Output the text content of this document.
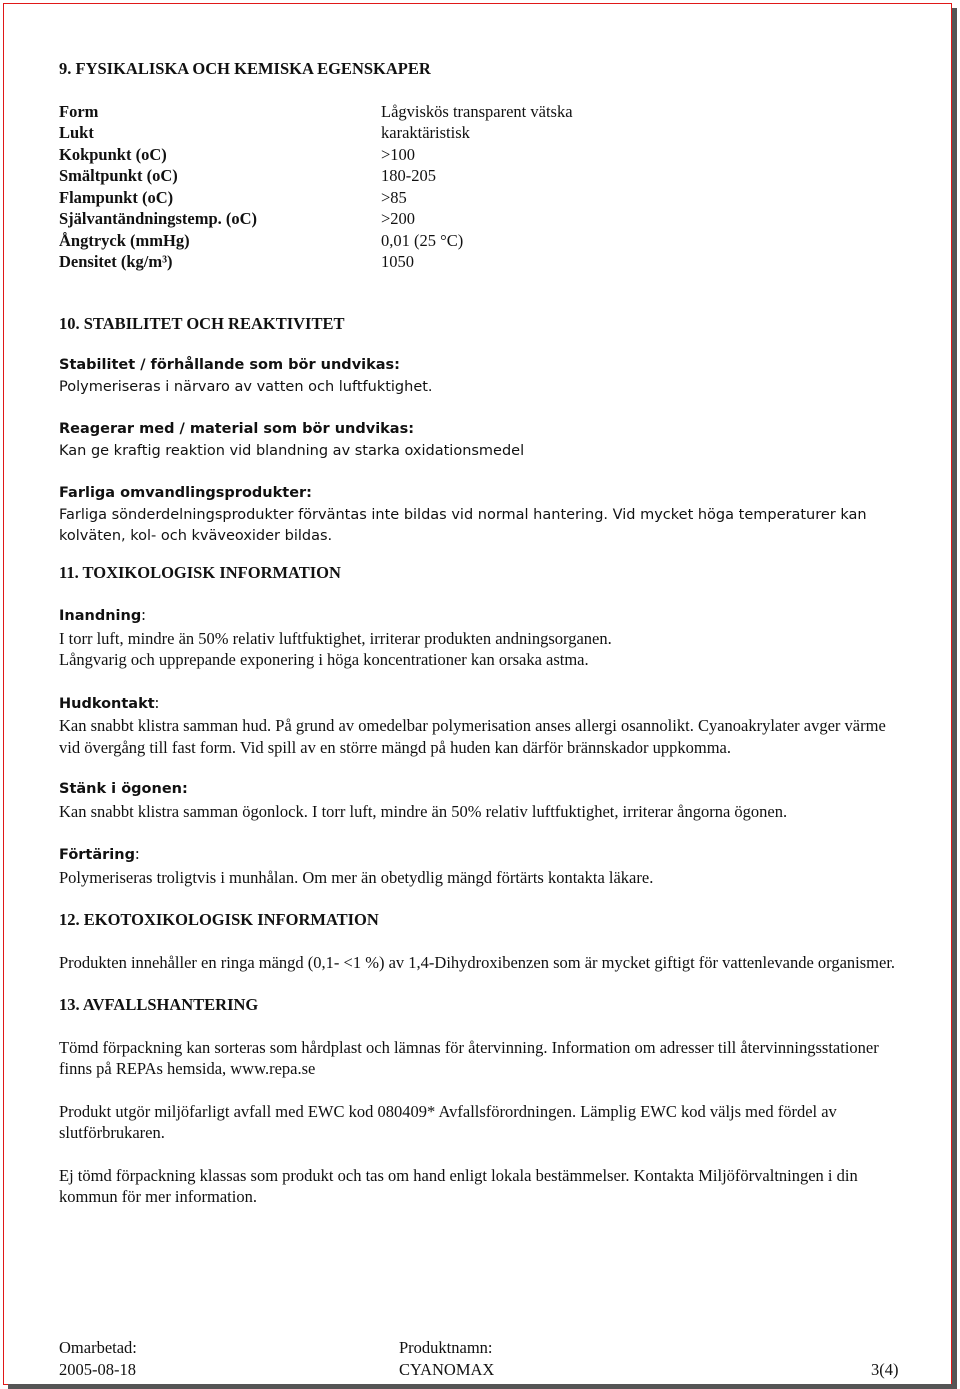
9. FYSIKALISKA OCH KEMISKA EGENSKAPER

Form	Lågviskös transparent vätska
Lukt	karaktäristisk
Kokpunkt (oC)	>100
Smältpunkt (oC)	180-205
Flampunkt (oC)	>85
Självantändningstemp. (oC)	>200
Ångtryck (mmHg)	0,01 (25 °C)
Densitet (kg/m³)	1050

10. STABILITET OCH REAKTIVITET

Stabilitet / förhållande som bör undvikas:

Polymeriseras i närvaro av vatten och luftfuktighet.

Reagerar med / material som bör undvikas:

Kan ge kraftig reaktion vid blandning av starka oxidationsmedel

Farliga omvandlingsprodukter:

Farliga sönderdelningsprodukter förväntas inte bildas vid normal hantering. Vid mycket höga temperaturer kan kolväten, kol- och kväveoxider bildas.

11. TOXIKOLOGISK INFORMATION

Inandning:

I torr luft, mindre än 50% relativ luftfuktighet, irriterar produkten andningsorganen.

Långvarig och upprepande exponering i höga koncentrationer kan orsaka astma.

Hudkontakt:

Kan snabbt klistra samman hud. På grund av omedelbar polymerisation anses allergi osannolikt. Cyanoakrylater avger värme vid övergång till fast form. Vid spill av en större mängd på huden kan därför brännskador uppkomma.

Stänk i ögonen:

Kan snabbt klistra samman ögonlock. I torr luft, mindre än 50% relativ luftfuktighet, irriterar ångorna ögonen.

Förtäring:

Polymeriseras troligtvis i munhålan. Om mer än obetydlig mängd förtärts kontakta läkare.

12. EKOTOXIKOLOGISK INFORMATION

Produkten innehåller en ringa mängd (0,1- <1 %) av 1,4-Dihydroxibenzen som är mycket giftigt för vattenlevande organismer.

13. AVFALLSHANTERING

Tömd förpackning kan sorteras som hårdplast och lämnas för återvinning. Information om adresser till återvinningsstationer finns på REPAs hemsida, www.repa.se

Produkt utgör miljöfarligt avfall med EWC kod 080409* Avfallsförordningen. Lämplig EWC kod väljs med fördel av slutförbrukaren.

Ej tömd förpackning klassas som produkt och tas om hand enligt lokala bestämmelser. Kontakta Miljöförvaltningen i din kommun för mer information.

Omarbetad:
2005-08-18
Produktnamn:
CYANOMAX	3(4)
